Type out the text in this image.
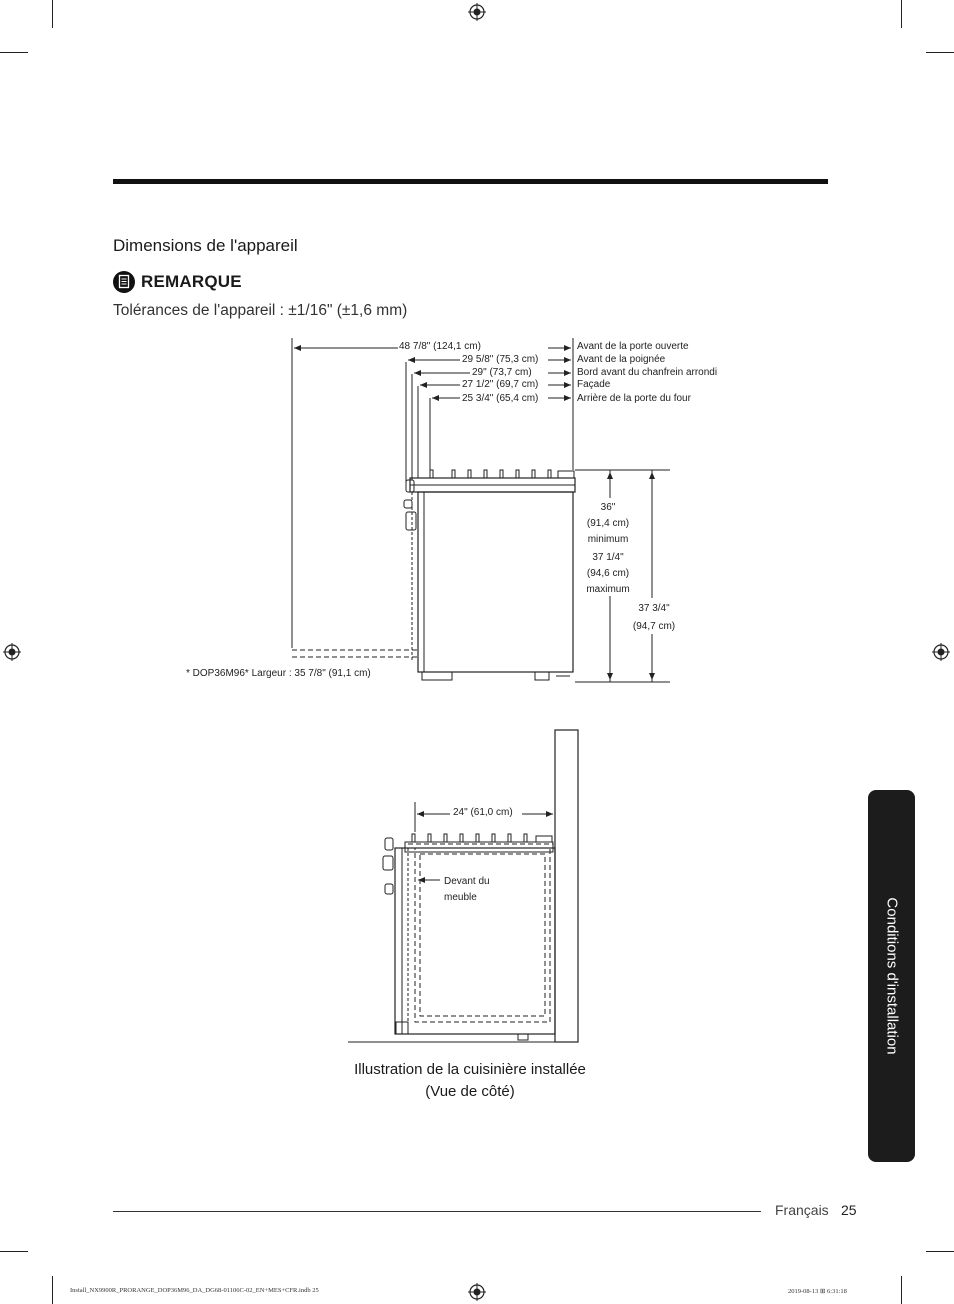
Dimensions de l'appareil
REMARQUE
Tolérances de l'appareil : ±1/16" (±1,6 mm)
48 7/8" (124,1 cm)
29 5/8" (75,3 cm)
29" (73,7 cm)
27 1/2" (69,7 cm)
25 3/4" (65,4 cm)
Avant de la porte ouverte
Avant de la poignée
Bord avant du chanfrein arrondi
Façade
Arrière de la porte du four
36"
(91,4 cm)
minimum
37 1/4"
(94,6 cm)
maximum
37 3/4"
(94,7 cm)
* DOP36M96* Largeur : 35 7/8" (91,1 cm)
24" (61,0 cm)
Devant du
meuble
Illustration de la cuisinière installée
(Vue de côté)
Conditions d'installation
Français 25
Install_NX9900R_PRORANGE_DOP36M96_DA_DG68-01106C-02_EN+MES+CFR.indb 25	2019-08-13 ⊞ 6:31:18
